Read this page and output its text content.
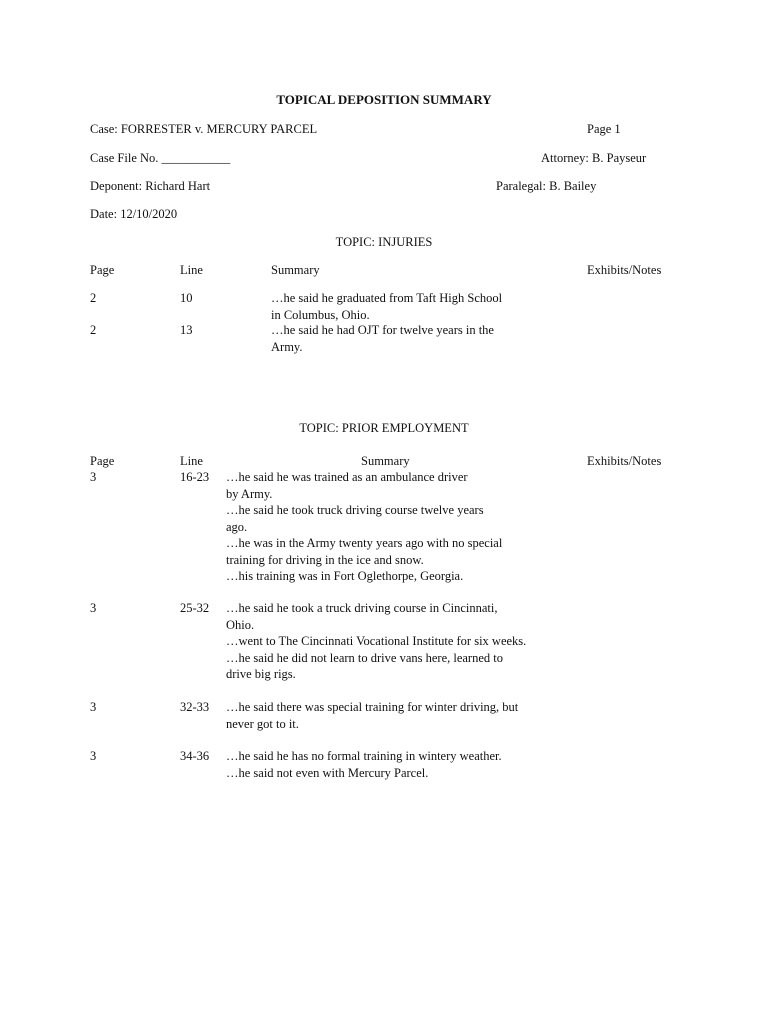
TOPICAL DEPOSITION SUMMARY
Case: FORRESTER v. MERCURY PARCEL	Page 1
Case File No. ___________	Attorney: B. Payseur
Deponent: Richard Hart	Paralegal: B. Bailey
Date: 12/10/2020
TOPIC: INJURIES
Page	Line	Summary	Exhibits/Notes
2	10	…he said he graduated from Taft High School
in Columbus, Ohio.
2	13	…he said he had OJT for twelve years in the
Army.
TOPIC: PRIOR EMPLOYMENT
Page	Line	Summary	Exhibits/Notes
3	16-23 …he said he was trained as an ambulance driver
by Army.
…he said he took truck driving course twelve years
ago.
…he was in the Army twenty years ago with no special
training for driving in the ice and snow.
…his training was in Fort Oglethorpe, Georgia.
3	25-32 …he said he took a truck driving course in Cincinnati,
Ohio.
…went to The Cincinnati Vocational Institute for six weeks.
…he said he did not learn to drive vans here, learned to
drive big rigs.
3	32-33 …he said there was special training for winter driving, but
never got to it.
3	34-36 …he said he has no formal training in wintery weather.
…he said not even with Mercury Parcel.
